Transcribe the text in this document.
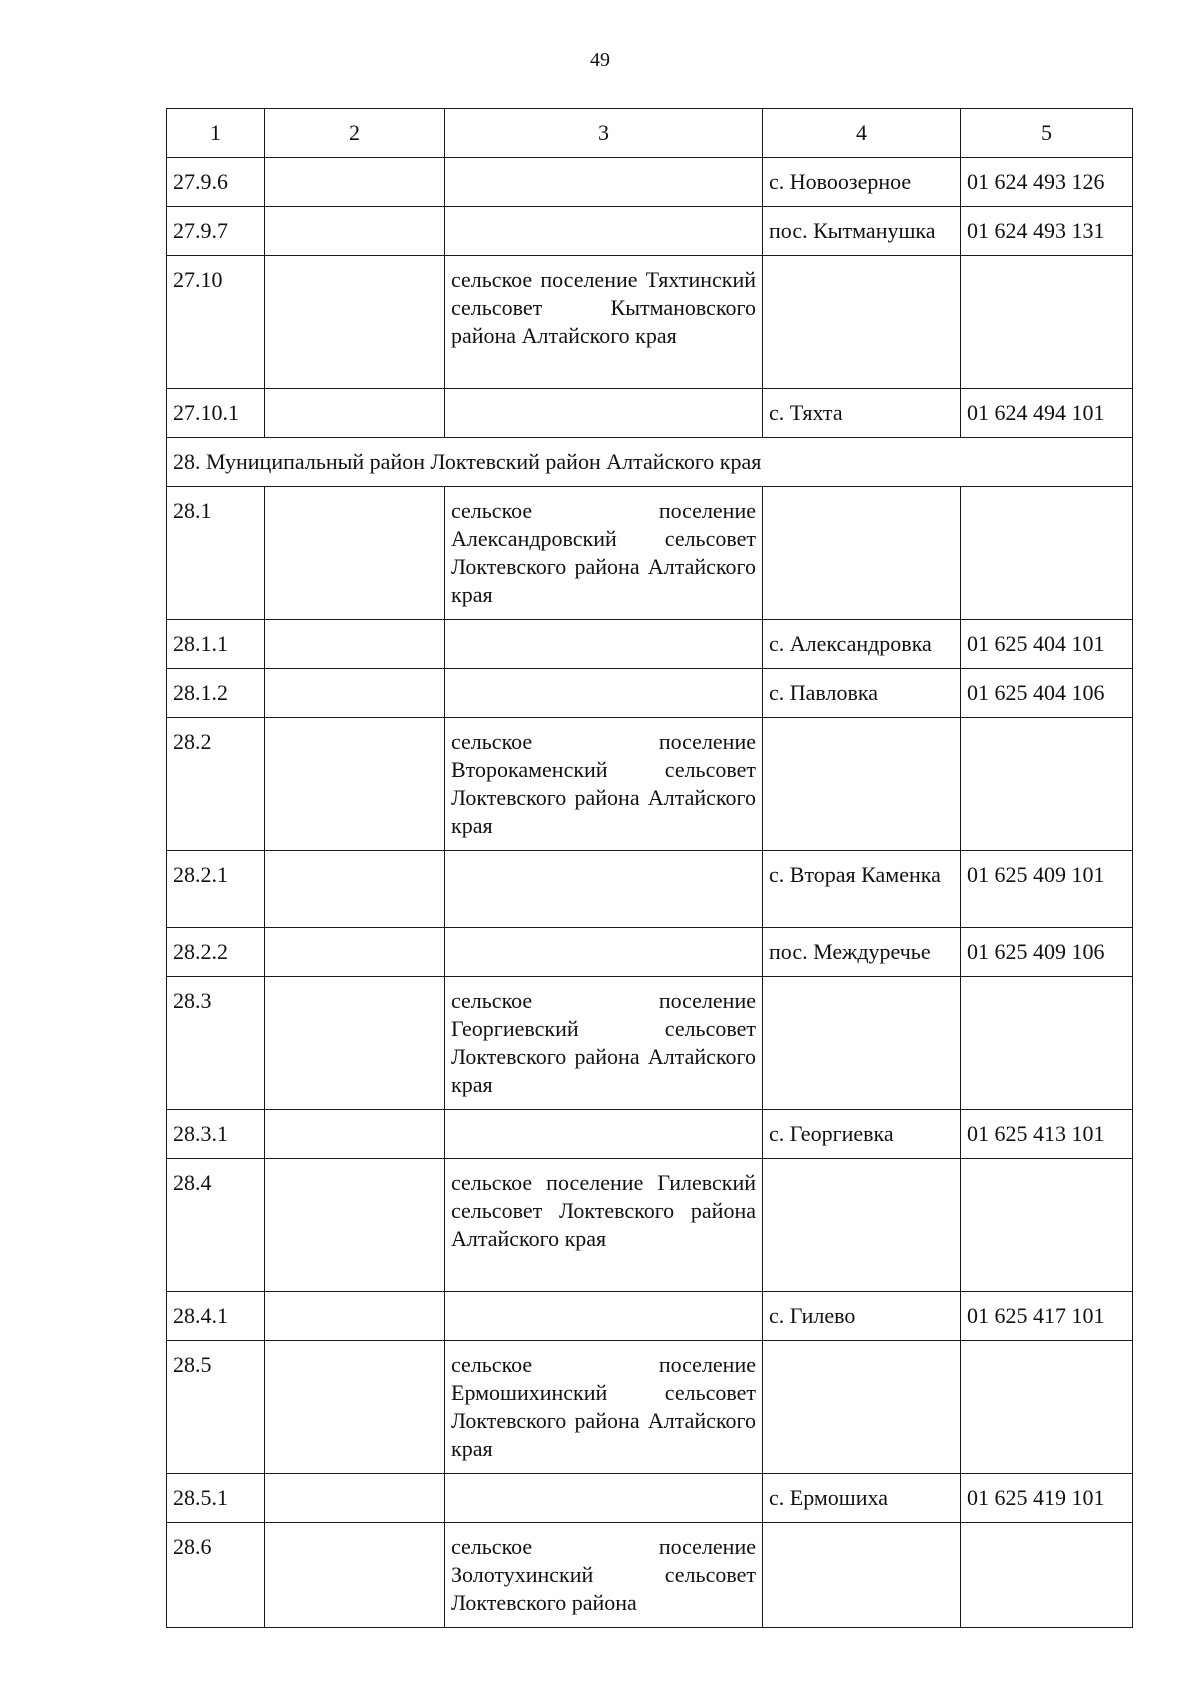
49
1	2	3	4	5
27.9.6			с. Новоозерное	01 624 493 126
27.9.7			пос. Кытманушка	01 624 493 131
27.10		сельское поселение Тяхтинский сельсовет Кытмановского района Алтайского края		
27.10.1			с. Тяхта	01 624 494 101
28. Муниципальный район Локтевский район Алтайского края				
28.1		сельское поселение Александровский сельсовет Локтевского района Алтайского края		
28.1.1			с. Александровка	01 625 404 101
28.1.2			с. Павловка	01 625 404 106
28.2		сельское поселение Второкаменский сельсовет Локтевского района Алтайского края		
28.2.1			с. Вторая Каменка	01 625 409 101
28.2.2			пос. Междуречье	01 625 409 106
28.3		сельское поселение Георгиевский сельсовет Локтевского района Алтайского края		
28.3.1			с. Георгиевка	01 625 413 101
28.4		сельское поселение Гилевский сельсовет Локтевского района Алтайского края		
28.4.1			с. Гилево	01 625 417 101
28.5		сельское поселение Ермошихинский сельсовет Локтевского района Алтайского края		
28.5.1			с. Ермошиха	01 625 419 101
28.6		сельское поселение Золотухинский сельсовет Локтевского района		
